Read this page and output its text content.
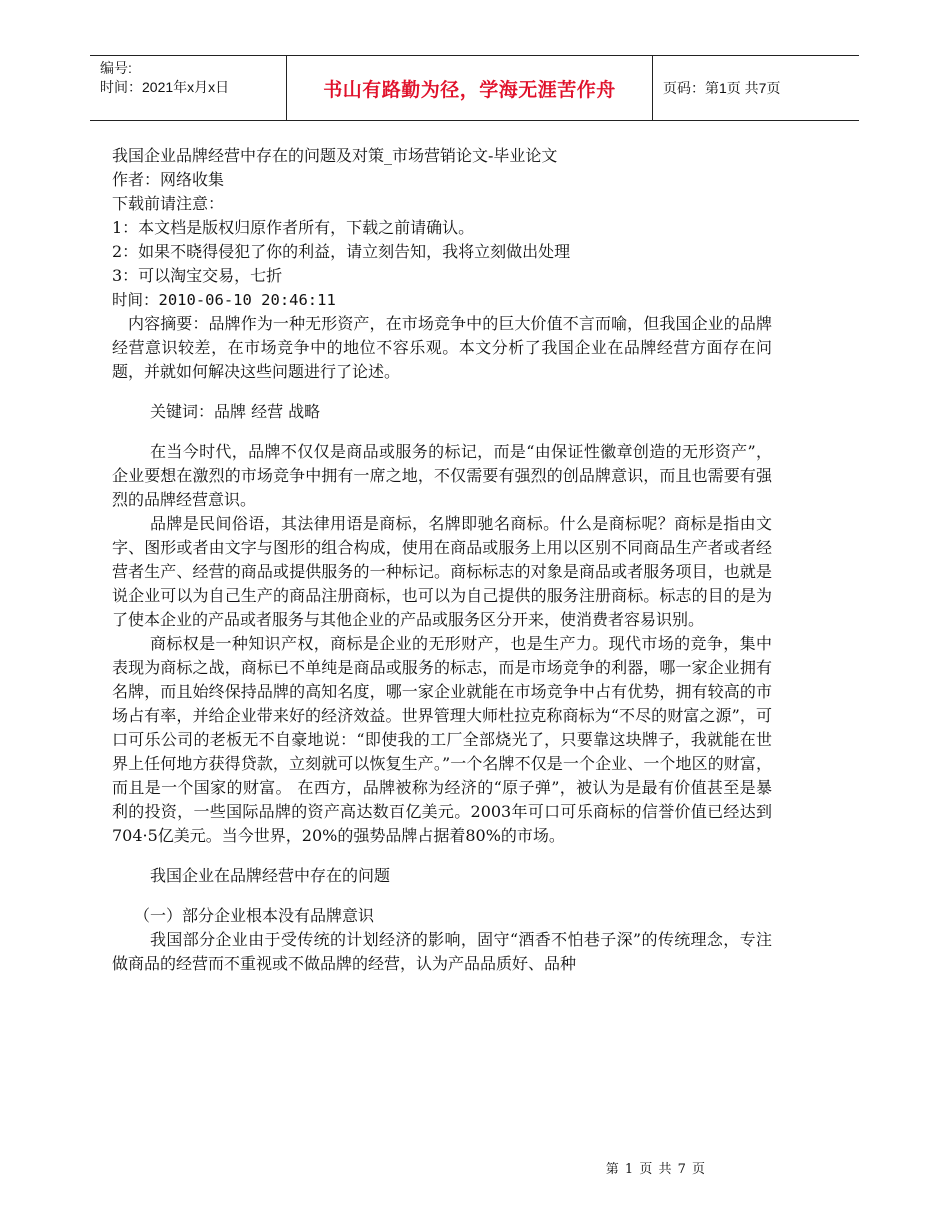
编号:
时间：2021年x月x日	书山有路勤为径，学海无涯苦作舟	页码：第1页 共7页

我国企业品牌经营中存在的问题及对策_市场营销论文-毕业论文

作者：网络收集

下载前请注意：

1：本文档是版权归原作者所有，下载之前请确认。

2：如果不晓得侵犯了你的利益，请立刻告知，我将立刻做出处理

3：可以淘宝交易，七折

时间：2010-06-10 20:46:11

内容摘要：品牌作为一种无形资产，在市场竞争中的巨大价值不言而喻，但我国企业的品牌经营意识较差，在市场竞争中的地位不容乐观。本文分析了我国企业在品牌经营方面存在问题，并就如何解决这些问题进行了论述。

关键词：品牌 经营 战略

在当今时代，品牌不仅仅是商品或服务的标记，而是“由保证性徽章创造的无形资产”，企业要想在激烈的市场竞争中拥有一席之地，不仅需要有强烈的创品牌意识，而且也需要有强烈的品牌经营意识。

品牌是民间俗语，其法律用语是商标，名牌即驰名商标。什么是商标呢？商标是指由文字、图形或者由文字与图形的组合构成，使用在商品或服务上用以区别不同商品生产者或者经营者生产、经营的商品或提供服务的一种标记。商标标志的对象是商品或者服务项目，也就是说企业可以为自己生产的商品注册商标，也可以为自己提供的服务注册商标。标志的目的是为了使本企业的产品或者服务与其他企业的产品或服务区分开来，使消费者容易识别。

商标权是一种知识产权，商标是企业的无形财产，也是生产力。现代市场的竞争，集中表现为商标之战，商标已不单纯是商品或服务的标志，而是市场竞争的利器，哪一家企业拥有名牌，而且始终保持品牌的高知名度，哪一家企业就能在市场竞争中占有优势，拥有较高的市场占有率，并给企业带来好的经济效益。世界管理大师杜拉克称商标为“不尽的财富之源”，可口可乐公司的老板无不自豪地说：“即使我的工厂全部烧光了，只要靠这块牌子，我就能在世界上任何地方获得贷款，立刻就可以恢复生产。”一个名牌不仅是一个企业、一个地区的财富，而且是一个国家的财富。 在西方，品牌被称为经济的“原子弹”，被认为是最有价值甚至是暴利的投资，一些国际品牌的资产高达数百亿美元。2003年可口可乐商标的信誉价值已经达到704·5亿美元。当今世界，20%的强势品牌占据着80%的市场。

我国企业在品牌经营中存在的问题

（一）部分企业根本没有品牌意识

我国部分企业由于受传统的计划经济的影响，固守“酒香不怕巷子深”的传统理念，专注做商品的经营而不重视或不做品牌的经营，认为产品品质好、品种

第 1 页 共 7 页
